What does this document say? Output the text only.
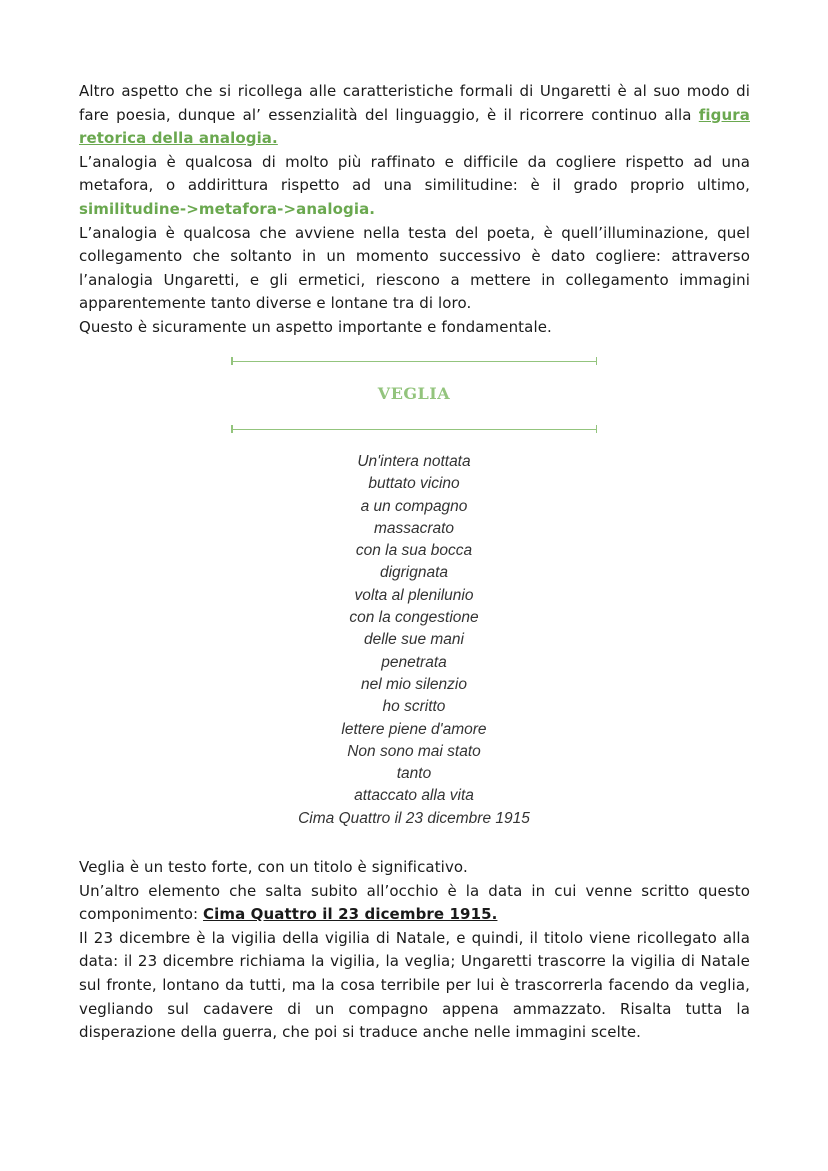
Altro aspetto che si ricollega alle caratteristiche formali di Ungaretti è al suo modo di fare poesia, dunque al’ essenzialità del linguaggio, è il ricorrere continuo alla figura retorica della analogia.

L’analogia è qualcosa di molto più raffinato e difficile da cogliere rispetto ad una metafora, o addirittura rispetto ad una similitudine: è il grado proprio ultimo, similitudine->metafora->analogia.

L’analogia è qualcosa che avviene nella testa del poeta, è quell’illuminazione, quel collegamento che soltanto in un momento successivo è dato cogliere: attraverso l’analogia Ungaretti, e gli ermetici, riescono a mettere in collegamento immagini apparentemente tanto diverse e lontane tra di loro.

Questo è sicuramente un aspetto importante e fondamentale.

VEGLIA
Un'intera nottata
buttato vicino
a un compagno
massacrato
con la sua bocca
digrignata
volta al plenilunio
con la congestione
delle sue mani
penetrata
nel mio silenzio
ho scritto
lettere piene d'amore
Non sono mai stato
tanto
attaccato alla vita
Cima Quattro il 23 dicembre 1915

Veglia è un testo forte, con un titolo è significativo.

Un’altro elemento che salta subito all’occhio è la data in cui venne scritto questo componimento: Cima Quattro il 23 dicembre 1915.

Il 23 dicembre è la vigilia della vigilia di Natale, e quindi, il titolo viene ricollegato alla data: il 23 dicembre richiama la vigilia, la veglia; Ungaretti trascorre la vigilia di Natale sul fronte, lontano da tutti, ma la cosa terribile per lui è trascorrerla facendo da veglia, vegliando sul cadavere di un compagno appena ammazzato. Risalta tutta la disperazione della guerra, che poi si traduce anche nelle immagini scelte.
